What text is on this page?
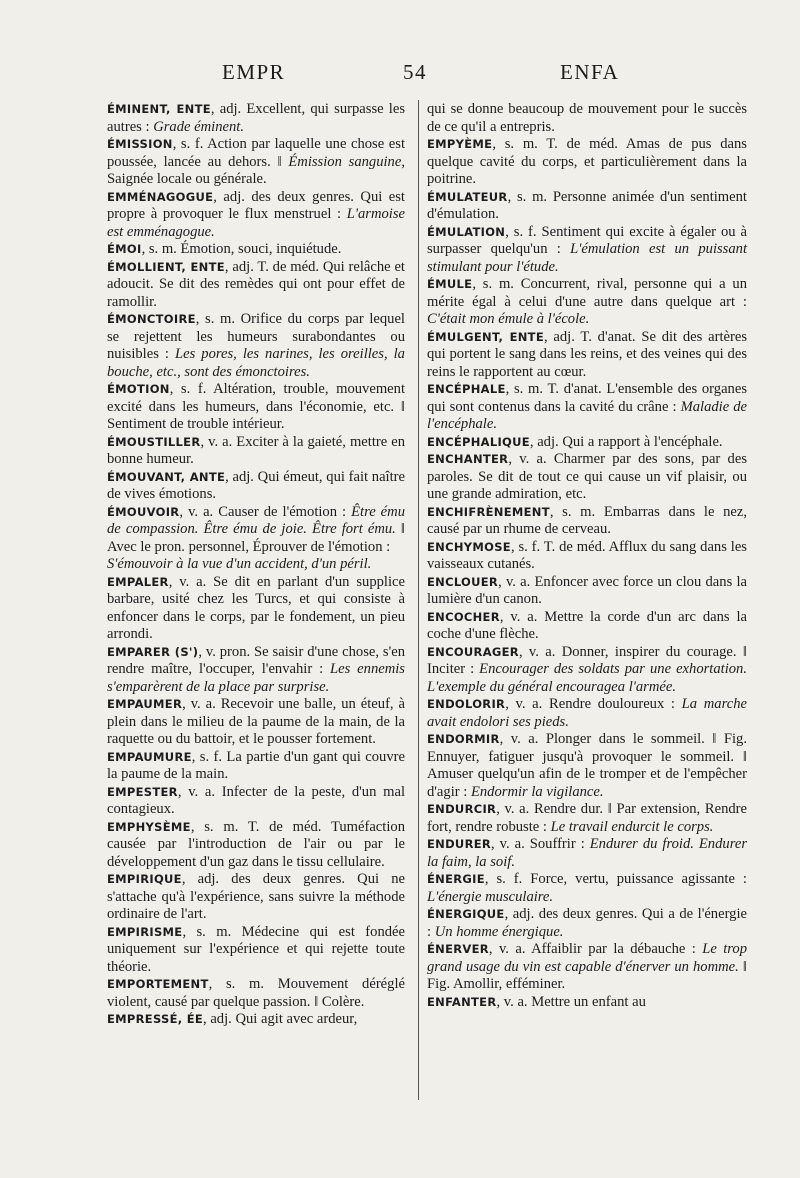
EMPR	54	ENFA

ÉMINENT, ENTE, adj. Excellent, qui surpasse les autres : Grade éminent.

ÉMISSION, s. f. Action par laquelle une chose est poussée, lancée au dehors. ‖ Émission sanguine, Saignée locale ou générale.

EMMÉNAGOGUE, adj. des deux genres. Qui est propre à provoquer le flux menstruel : L'armoise est emménagogue.

ÉMOI, s. m. Émotion, souci, inquiétude.

ÉMOLLIENT, ENTE, adj. T. de méd. Qui relâche et adoucit. Se dit des remèdes qui ont pour effet de ramollir.

ÉMONCTOIRE, s. m. Orifice du corps par lequel se rejettent les humeurs surabondantes ou nuisibles : Les pores, les narines, les oreilles, la bouche, etc., sont des émonctoires.

ÉMOTION, s. f. Altération, trouble, mouvement excité dans les humeurs, dans l'économie, etc. ‖ Sentiment de trouble intérieur.

ÉMOUSTILLER, v. a. Exciter à la gaieté, mettre en bonne humeur.

ÉMOUVANT, ANTE, adj. Qui émeut, qui fait naître de vives émotions.

ÉMOUVOIR, v. a. Causer de l'émotion : Être ému de compassion. Être ému de joie. Être fort ému. ‖ Avec le pron. personnel, Éprouver de l'émotion :

S'émouvoir à la vue d'un accident, d'un péril.

EMPALER, v. a. Se dit en parlant d'un supplice barbare, usité chez les Turcs, et qui consiste à enfoncer dans le corps, par le fondement, un pieu arrondi.

EMPARER (S'), v. pron. Se saisir d'une chose, s'en rendre maître, l'occuper, l'envahir : Les ennemis s'emparèrent de la place par surprise.

EMPAUMER, v. a. Recevoir une balle, un éteuf, à plein dans le milieu de la paume de la main, de la raquette ou du battoir, et le pousser fortement.

EMPAUMURE, s. f. La partie d'un gant qui couvre la paume de la main.

EMPESTER, v. a. Infecter de la peste, d'un mal contagieux.

EMPHYSÈME, s. m. T. de méd. Tuméfaction causée par l'introduction de l'air ou par le développement d'un gaz dans le tissu cellulaire.

EMPIRIQUE, adj. des deux genres. Qui ne s'attache qu'à l'expérience, sans suivre la méthode ordinaire de l'art.

EMPIRISME, s. m. Médecine qui est fondée uniquement sur l'expérience et qui rejette toute théorie.

EMPORTEMENT, s. m. Mouvement déréglé violent, causé par quelque passion. ‖ Colère.

EMPRESSÉ, ÉE, adj. Qui agit avec ardeur,

qui se donne beaucoup de mouvement pour le succès de ce qu'il a entrepris.

EMPYÈME, s. m. T. de méd. Amas de pus dans quelque cavité du corps, et particulièrement dans la poitrine.

ÉMULATEUR, s. m. Personne animée d'un sentiment d'émulation.

ÉMULATION, s. f. Sentiment qui excite à égaler ou à surpasser quelqu'un : L'émulation est un puissant stimulant pour l'étude.

ÉMULE, s. m. Concurrent, rival, personne qui a un mérite égal à celui d'une autre dans quelque art : C'était mon émule à l'école.

ÉMULGENT, ENTE, adj. T. d'anat. Se dit des artères qui portent le sang dans les reins, et des veines qui des reins le rapportent au cœur.

ENCÉPHALE, s. m. T. d'anat. L'ensemble des organes qui sont contenus dans la cavité du crâne : Maladie de l'encéphale.

ENCÉPHALIQUE, adj. Qui a rapport à l'encéphale.

ENCHANTER, v. a. Charmer par des sons, par des paroles. Se dit de tout ce qui cause un vif plaisir, ou une grande admiration, etc.

ENCHIFRÈNEMENT, s. m. Embarras dans le nez, causé par un rhume de cerveau.

ENCHYMOSE, s. f. T. de méd. Afflux du sang dans les vaisseaux cutanés.

ENCLOUER, v. a. Enfoncer avec force un clou dans la lumière d'un canon.

ENCOCHER, v. a. Mettre la corde d'un arc dans la coche d'une flèche.

ENCOURAGER, v. a. Donner, inspirer du courage. ‖ Inciter : Encourager des soldats par une exhortation. L'exemple du général encouragea l'armée.

ENDOLORIR, v. a. Rendre douloureux : La marche avait endolori ses pieds.

ENDORMIR, v. a. Plonger dans le sommeil. ‖ Fig. Ennuyer, fatiguer jusqu'à provoquer le sommeil. ‖ Amuser quelqu'un afin de le tromper et de l'empêcher d'agir : Endormir la vigilance.

ENDURCIR, v. a. Rendre dur. ‖ Par extension, Rendre fort, rendre robuste : Le travail endurcit le corps.

ENDURER, v. a. Souffrir : Endurer du froid. Endurer la faim, la soif.

ÉNERGIE, s. f. Force, vertu, puissance agissante : L'énergie musculaire.

ÉNERGIQUE, adj. des deux genres. Qui a de l'énergie : Un homme énergique.

ÉNERVER, v. a. Affaiblir par la débauche : Le trop grand usage du vin est capable d'énerver un homme. ‖ Fig. Amollir, efféminer.

ENFANTER, v. a. Mettre un enfant au
